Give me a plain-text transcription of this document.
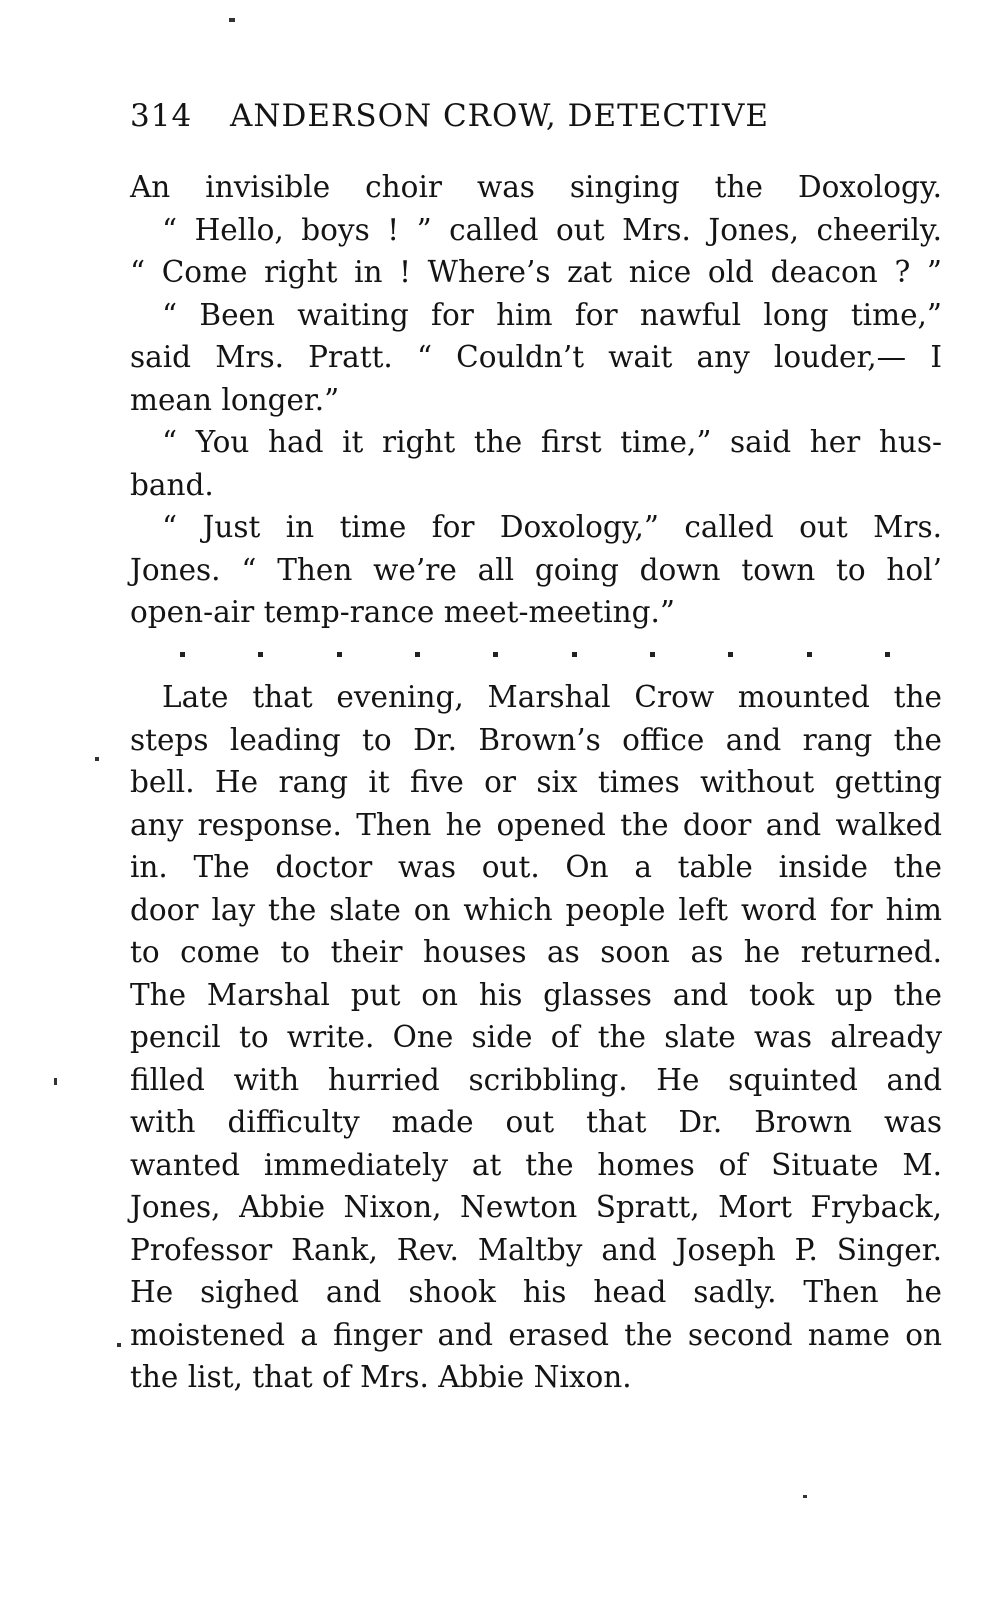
314 ANDERSON CROW, DETECTIVE
An invisible choir was singing the Doxology.
“ Hello, boys ! ” called out Mrs. Jones, cheerily.
“ Come right in ! Where’s zat nice old deacon ? ”
“ Been waiting for him for nawful long time,”
said Mrs. Pratt. “ Couldn’t wait any louder,— I
mean longer.”
“ You had it right the first time,” said her hus-
band.
“ Just in time for Doxology,” called out Mrs.
Jones. “ Then we’re all going down town to hol’
open-air temp-rance meet-meeting.”
Late that evening, Marshal Crow mounted the
steps leading to Dr. Brown’s office and rang the
bell. He rang it five or six times without getting
any response. Then he opened the door and walked
in. The doctor was out. On a table inside the
door lay the slate on which people left word for him
to come to their houses as soon as he returned.
The Marshal put on his glasses and took up the
pencil to write. One side of the slate was already
filled with hurried scribbling. He squinted and
with difficulty made out that Dr. Brown was
wanted immediately at the homes of Situate M.
Jones, Abbie Nixon, Newton Spratt, Mort Fryback,
Professor Rank, Rev. Maltby and Joseph P. Singer.
He sighed and shook his head sadly. Then he
moistened a finger and erased the second name on
the list, that of Mrs. Abbie Nixon.
